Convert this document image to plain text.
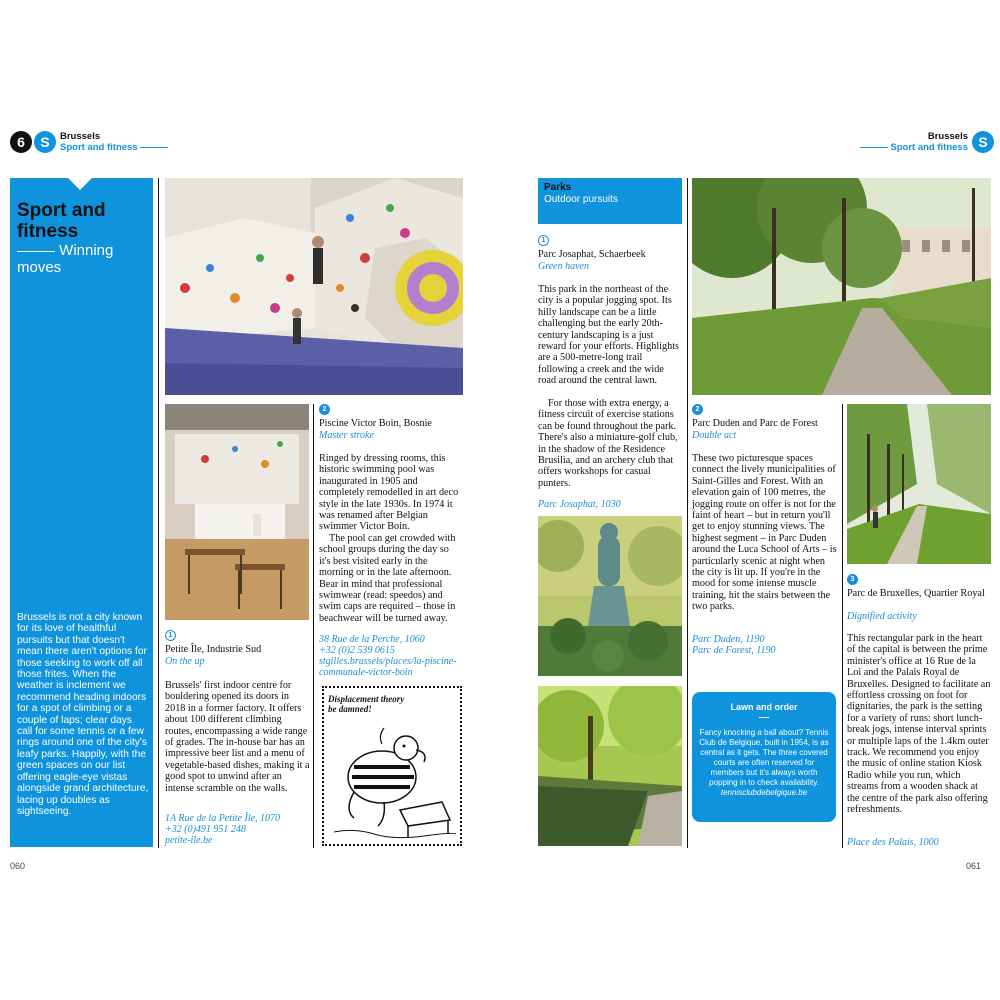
6	S	Brussels
Sport and fitness
Brussels
Sport and fitness S
Sport and fitness
Winning moves
Brussels is not a city known for its love of healthful pursuits but that doesn't mean there aren't options for those seeking to work off all those frites. When the weather is inclement we recommend heading indoors for a spot of climbing or a couple of laps; clear days call for some tennis or a few rings around one of the city's leafy parks. Happily, with the green spaces on our list offering eagle-eye vistas alongside grand architecture, lacing up doubles as sightseeing.
1
Petite Île, Industrie Sud
On the up
Brussels' first indoor centre for bouldering opened its doors in 2018 in a former factory. It offers about 100 different climbing routes, encompassing a wide range of grades. The in-house bar has an impressive beer list and a menu of vegetable-based dishes, making it a good spot to unwind after an intense scramble on the walls.
1A Rue de la Petite Île, 1070
+32 (0)491 951 248
petite-ile.be
2
Piscine Victor Boin, Bosnie
Master stroke
Ringed by dressing rooms, this historic swimming pool was inaugurated in 1905 and completely remodelled in art deco style in the late 1930s. In 1974 it was renamed after Belgian swimmer Victor Boin.
The pool can get crowded with school groups during the day so it's best visited early in the morning or in the late afternoon. Bear in mind that professional swimwear (read: speedos) and swim caps are required – those in beachwear will be turned away.
38 Rue de la Perche, 1060
+32 (0)2 539 0615
stgilles.brussels/places/la-piscine-communale-victor-boin
Displacement theory be damned!
060
Parks
Outdoor pursuits
1
Parc Josaphat, Schaerbeek
Green haven
This park in the northeast of the city is a popular jogging spot. Its hilly landscape can be a little challenging but the early 20th-century landscaping is a just reward for your efforts. Highlights are a 500-metre-long trail following a creek and the wide road around the central lawn.
For those with extra energy, a fitness circuit of exercise stations can be found throughout the park. There's also a miniature-golf club, in the shadow of the Residence Brusilia, and an archery club that offers workshops for casual punters.
Parc Josaphat, 1030
2
Parc Duden and Parc de Forest
Double act
These two picturesque spaces connect the lively municipalities of Saint-Gilles and Forest. With an elevation gain of 100 metres, the jogging route on offer is not for the faint of heart – but in return you'll get to enjoy stunning views. The highest segment – in Parc Duden around the Luca School of Arts – is particularly scenic at night when the city is lit up. If you're in the mood for some intense muscle training, hit the stairs between the two parks.
Parc Duden, 1190
Parc de Forest, 1190
Lawn and order
Fancy knocking a ball about? Tennis Club de Belgique, built in 1954, is as central as it gets. The three covered courts are often reserved for members but it's always worth popping in to check availability.
tennisclubdebelgique.be
3
Parc de Bruxelles, Quartier Royal
Dignified activity
This rectangular park in the heart of the capital is between the prime minister's office at 16 Rue de la Loi and the Palais Royal de Bruxelles. Designed to facilitate an effortless crossing on foot for dignitaries, the park is the setting for a variety of runs: short lunch-break jogs, intense interval sprints or multiple laps of the 1.4km outer track. We recommend you enjoy the music of online station Kiosk Radio while you run, which streams from a wooden shack at the centre of the park also offering refreshments.
Place des Palais, 1000
061
